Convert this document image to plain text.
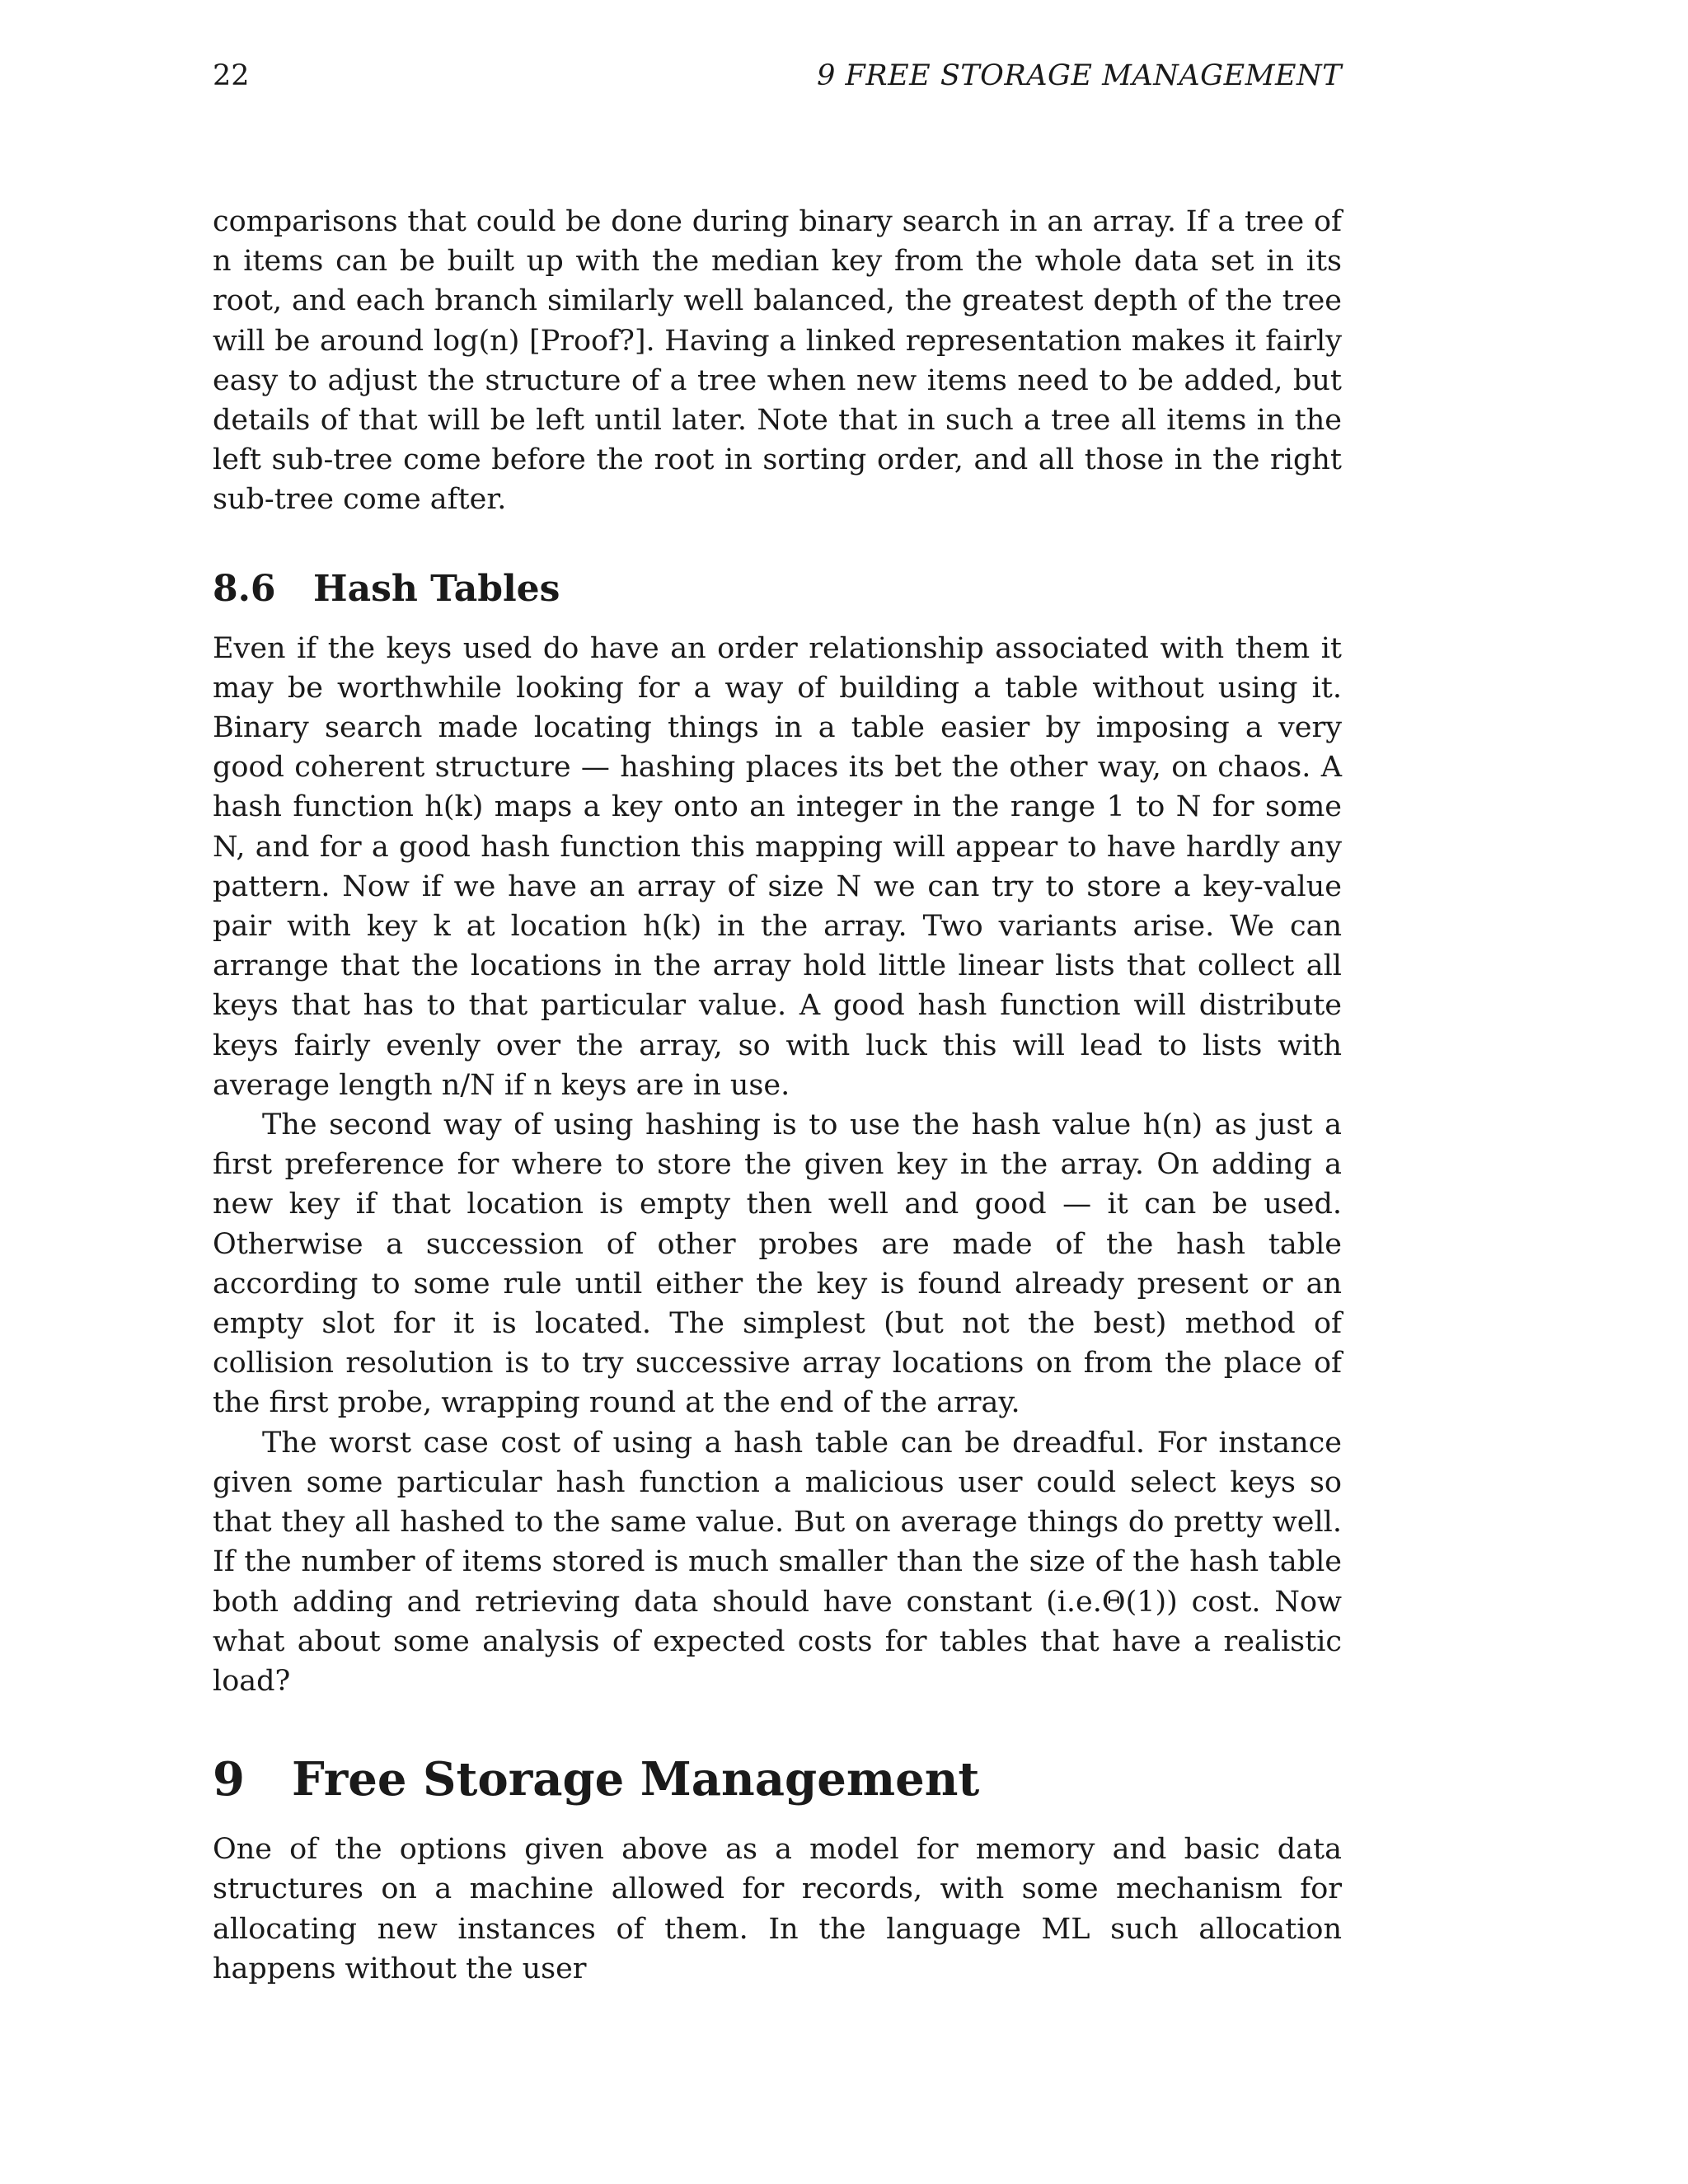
22	9 FREE STORAGE MANAGEMENT

comparisons that could be done during binary search in an array. If a tree of n items can be built up with the median key from the whole data set in its root, and each branch similarly well balanced, the greatest depth of the tree will be around log(n) [Proof?]. Having a linked representation makes it fairly easy to adjust the structure of a tree when new items need to be added, but details of that will be left until later. Note that in such a tree all items in the left sub-tree come before the root in sorting order, and all those in the right sub-tree come after.

8.6 Hash Tables

Even if the keys used do have an order relationship associated with them it may be worthwhile looking for a way of building a table without using it. Binary search made locating things in a table easier by imposing a very good coherent structure — hashing places its bet the other way, on chaos. A hash function h(k) maps a key onto an integer in the range 1 to N for some N, and for a good hash function this mapping will appear to have hardly any pattern. Now if we have an array of size N we can try to store a key-value pair with key k at location h(k) in the array. Two variants arise. We can arrange that the locations in the array hold little linear lists that collect all keys that has to that particular value. A good hash function will distribute keys fairly evenly over the array, so with luck this will lead to lists with average length n/N if n keys are in use.

The second way of using hashing is to use the hash value h(n) as just a first preference for where to store the given key in the array. On adding a new key if that location is empty then well and good — it can be used. Otherwise a succession of other probes are made of the hash table according to some rule until either the key is found already present or an empty slot for it is located. The simplest (but not the best) method of collision resolution is to try successive array locations on from the place of the first probe, wrapping round at the end of the array.

The worst case cost of using a hash table can be dreadful. For instance given some particular hash function a malicious user could select keys so that they all hashed to the same value. But on average things do pretty well. If the number of items stored is much smaller than the size of the hash table both adding and retrieving data should have constant (i.e.Θ(1)) cost. Now what about some analysis of expected costs for tables that have a realistic load?

9 Free Storage Management

One of the options given above as a model for memory and basic data structures on a machine allowed for records, with some mechanism for allocating new instances of them. In the language ML such allocation happens without the user
